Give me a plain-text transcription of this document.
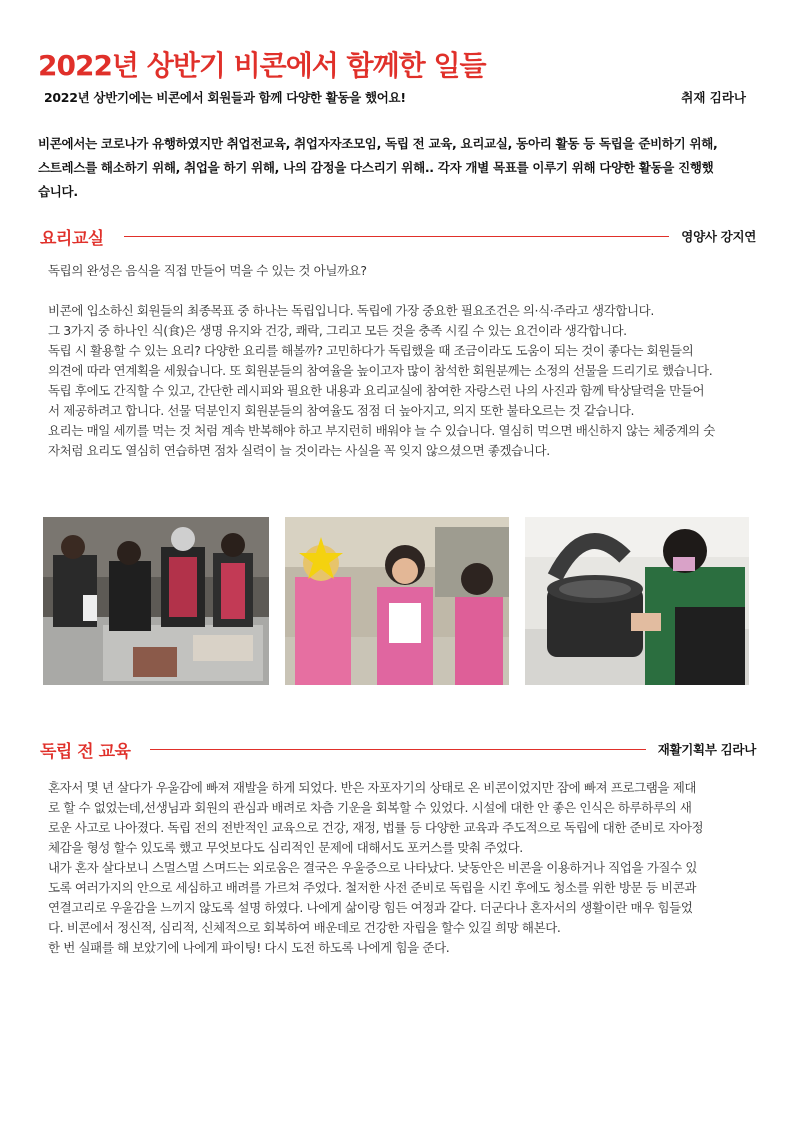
2022년 상반기 비콘에서 함께한 일들
2022년 상반기에는 비콘에서 회원들과 함께 다양한 활동을 했어요!	취재 김라나

비콘에서는 코로나가 유행하였지만 취업전교육, 취업자자조모임, 독립 전 교육, 요리교실, 동아리 활동 등 독립을 준비하기 위해,

스트레스를 해소하기 위해, 취업을 하기 위해, 나의 감정을 다스리기 위해.. 각자 개별 목표를 이루기 위해 다양한 활동을 진행했

습니다.

요리교실	영양사 강지연

독립의 완성은 음식을 직접 만들어 먹을 수 있는 것 아닐까요?

비콘에 입소하신 회원들의 최종목표 중 하나는 독립입니다. 독립에 가장 중요한 필요조건은 의·식·주라고 생각합니다.

그 3가지 중 하나인 식(食)은 생명 유지와 건강, 쾌락, 그리고 모든 것을 충족 시킬 수 있는 요건이라 생각합니다.

독립 시 활용할 수 있는 요리? 다양한 요리를 해볼까? 고민하다가 독립했을 때 조금이라도 도움이 되는 것이 좋다는 회원들의

의견에 따라 연계획을 세웠습니다. 또 회원분들의 참여율을 높이고자 많이 참석한 회원분께는 소정의 선물을 드리기로 했습니다.

독립 후에도 간직할 수 있고, 간단한 레시피와 필요한 내용과 요리교실에 참여한 자랑스런 나의 사진과 함께 탁상달력을 만들어

서 제공하려고 합니다. 선물 덕분인지 회원분들의 참여율도 점점 더 높아지고, 의지 또한 불타오르는 것 같습니다.

요리는 매일 세끼를 먹는 것 처럼 계속 반복해야 하고 부지런히 배워야 늘 수 있습니다. 열심히 먹으면 배신하지 않는 체중계의 숫

자처럼 요리도 열심히 연습하면 점차 실력이 늘 것이라는 사실을 꼭 잊지 않으셨으면 좋겠습니다.

독립 전 교육	재활기획부 김라나

혼자서 몇 년 살다가 우울감에 빠져 재발을 하게 되었다. 반은 자포자기의 상태로 온 비콘이었지만 잠에 빠져 프로그램을 제대

로 할 수 없었는데,선생님과 회원의 관심과 배려로 차츰 기운을 회복할 수 있었다. 시설에 대한 안 좋은 인식은 하루하루의 새

로운 사고로 나아졌다. 독립 전의 전반적인 교육으로 건강, 재정, 법률 등 다양한 교육과 주도적으로 독립에 대한 준비로 자아정

체감을 형성 할수 있도록 했고 무엇보다도 심리적인 문제에 대해서도 포커스를 맞춰 주었다.

내가 혼자 살다보니 스멀스멀 스며드는 외로움은 결국은 우울증으로 나타났다. 낮동안은 비콘을 이용하거나 직업을 가질수 있

도록 여러가지의 안으로 세심하고 배려를 가르쳐 주었다. 철저한 사전 준비로 독립을 시킨 후에도 청소를 위한 방문 등 비콘과

연결고리로 우울감을 느끼지 않도록 설명 하였다. 나에게 삶이랑 힘든 여정과 같다. 더군다나 혼자서의 생활이란 매우 힘들었

다. 비콘에서 정신적, 심리적, 신체적으로 회복하여 배운데로 건강한 자립을 할수 있길 희망 해본다.

한 번 실패를 해 보았기에 나에게 파이팅! 다시 도전 하도록 나에게 힘을 준다.
